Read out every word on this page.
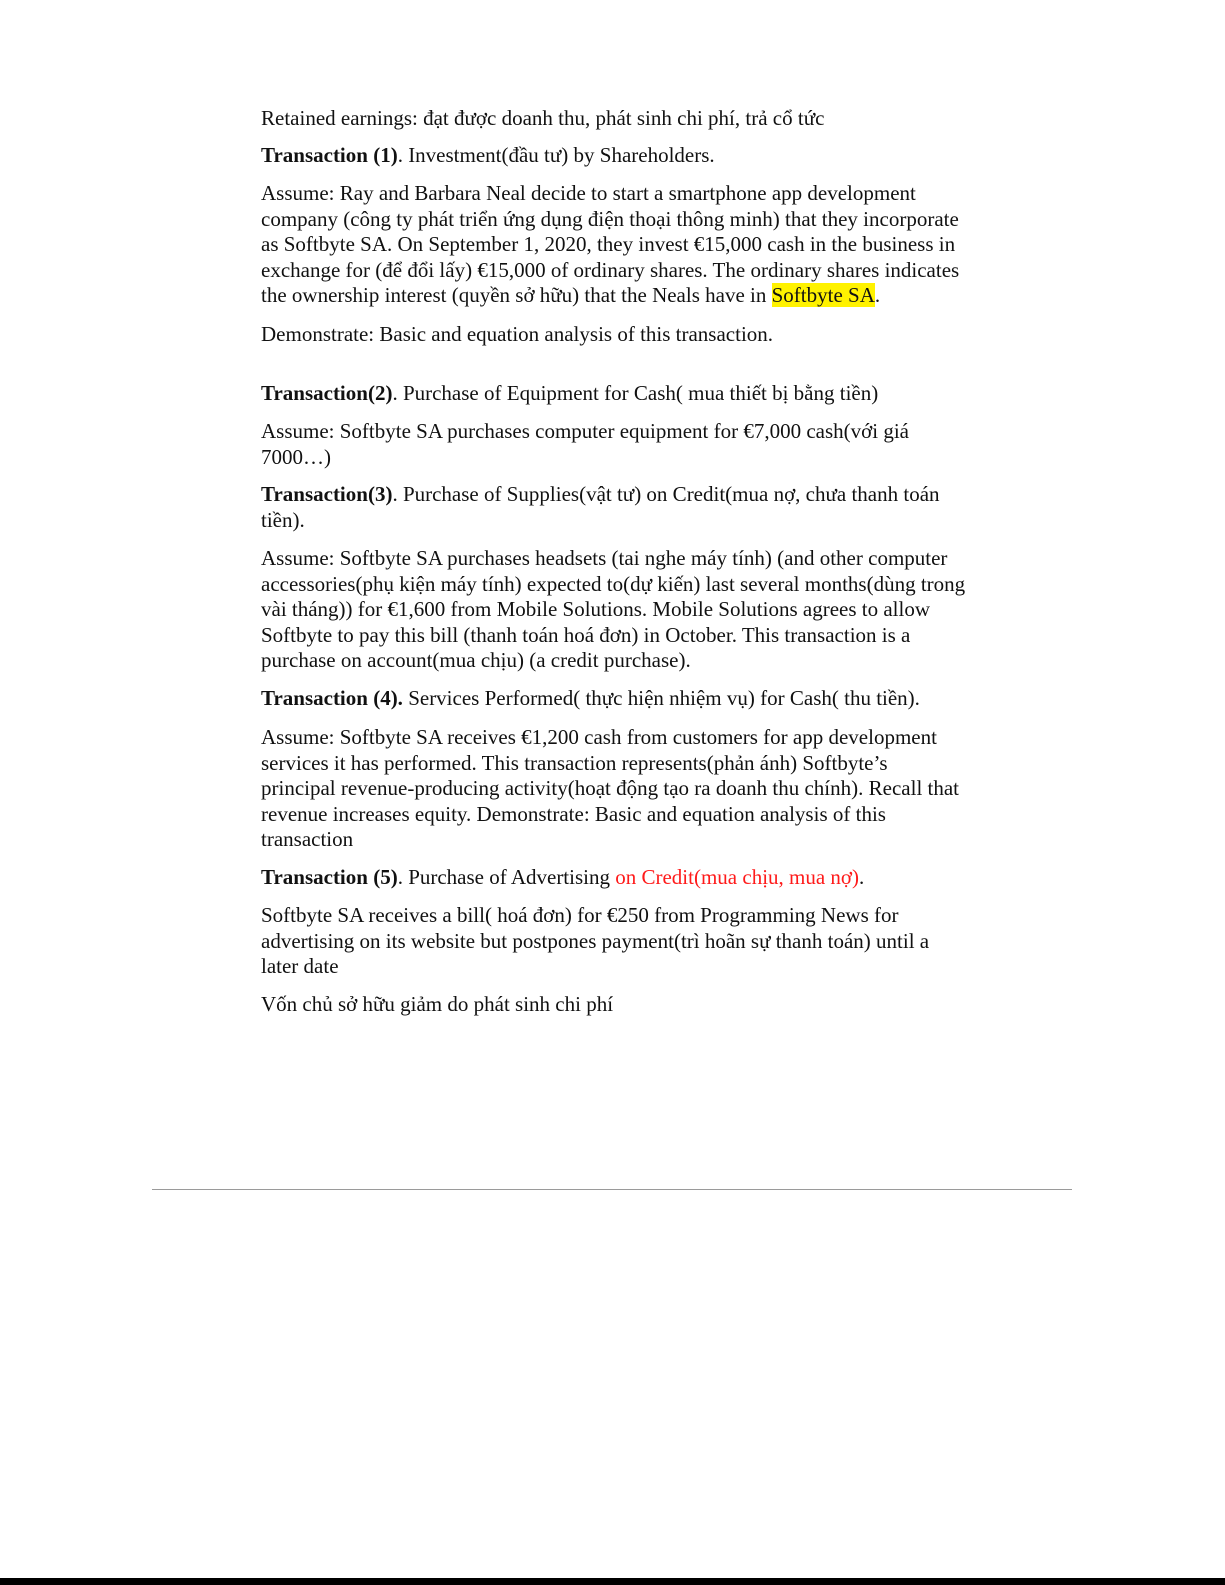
Retained earnings: đạt được doanh thu, phát sinh chi phí, trả cổ tức

Transaction (1). Investment(đầu tư) by Shareholders.

Assume: Ray and Barbara Neal decide to start a smartphone app development company (công ty phát triển ứng dụng điện thoại thông minh) that they incorporate as Softbyte SA. On September 1, 2020, they invest €15,000 cash in the business in exchange for (để đổi lấy) €15,000 of ordinary shares. The ordinary shares indicates the ownership interest (quyền sở hữu) that the Neals have in Softbyte SA.

Demonstrate: Basic and equation analysis of this transaction.

Transaction(2). Purchase of Equipment for Cash( mua thiết bị bằng tiền)

Assume: Softbyte SA purchases computer equipment for €7,000 cash(với giá 7000…)

Transaction(3). Purchase of Supplies(vật tư) on Credit(mua nợ, chưa thanh toán tiền).

Assume: Softbyte SA purchases headsets (tai nghe máy tính) (and other computer accessories(phụ kiện máy tính) expected to(dự kiến) last several months(dùng trong vài tháng)) for €1,600 from Mobile Solutions. Mobile Solutions agrees to allow Softbyte to pay this bill (thanh toán hoá đơn) in October. This transaction is a purchase on account(mua chịu) (a credit purchase).

Transaction (4). Services Performed( thực hiện nhiệm vụ) for Cash( thu tiền).

Assume: Softbyte SA receives €1,200 cash from customers for app development services it has performed. This transaction represents(phản ánh) Softbyte’s principal revenue-producing activity(hoạt động tạo ra doanh thu chính). Recall that revenue increases equity. Demonstrate: Basic and equation analysis of this transaction

Transaction (5). Purchase of Advertising on Credit(mua chịu, mua nợ).

Softbyte SA receives a bill( hoá đơn) for €250 from Programming News for advertising on its website but postpones payment(trì hoãn sự thanh toán) until a later date

Vốn chủ sở hữu giảm do phát sinh chi phí
